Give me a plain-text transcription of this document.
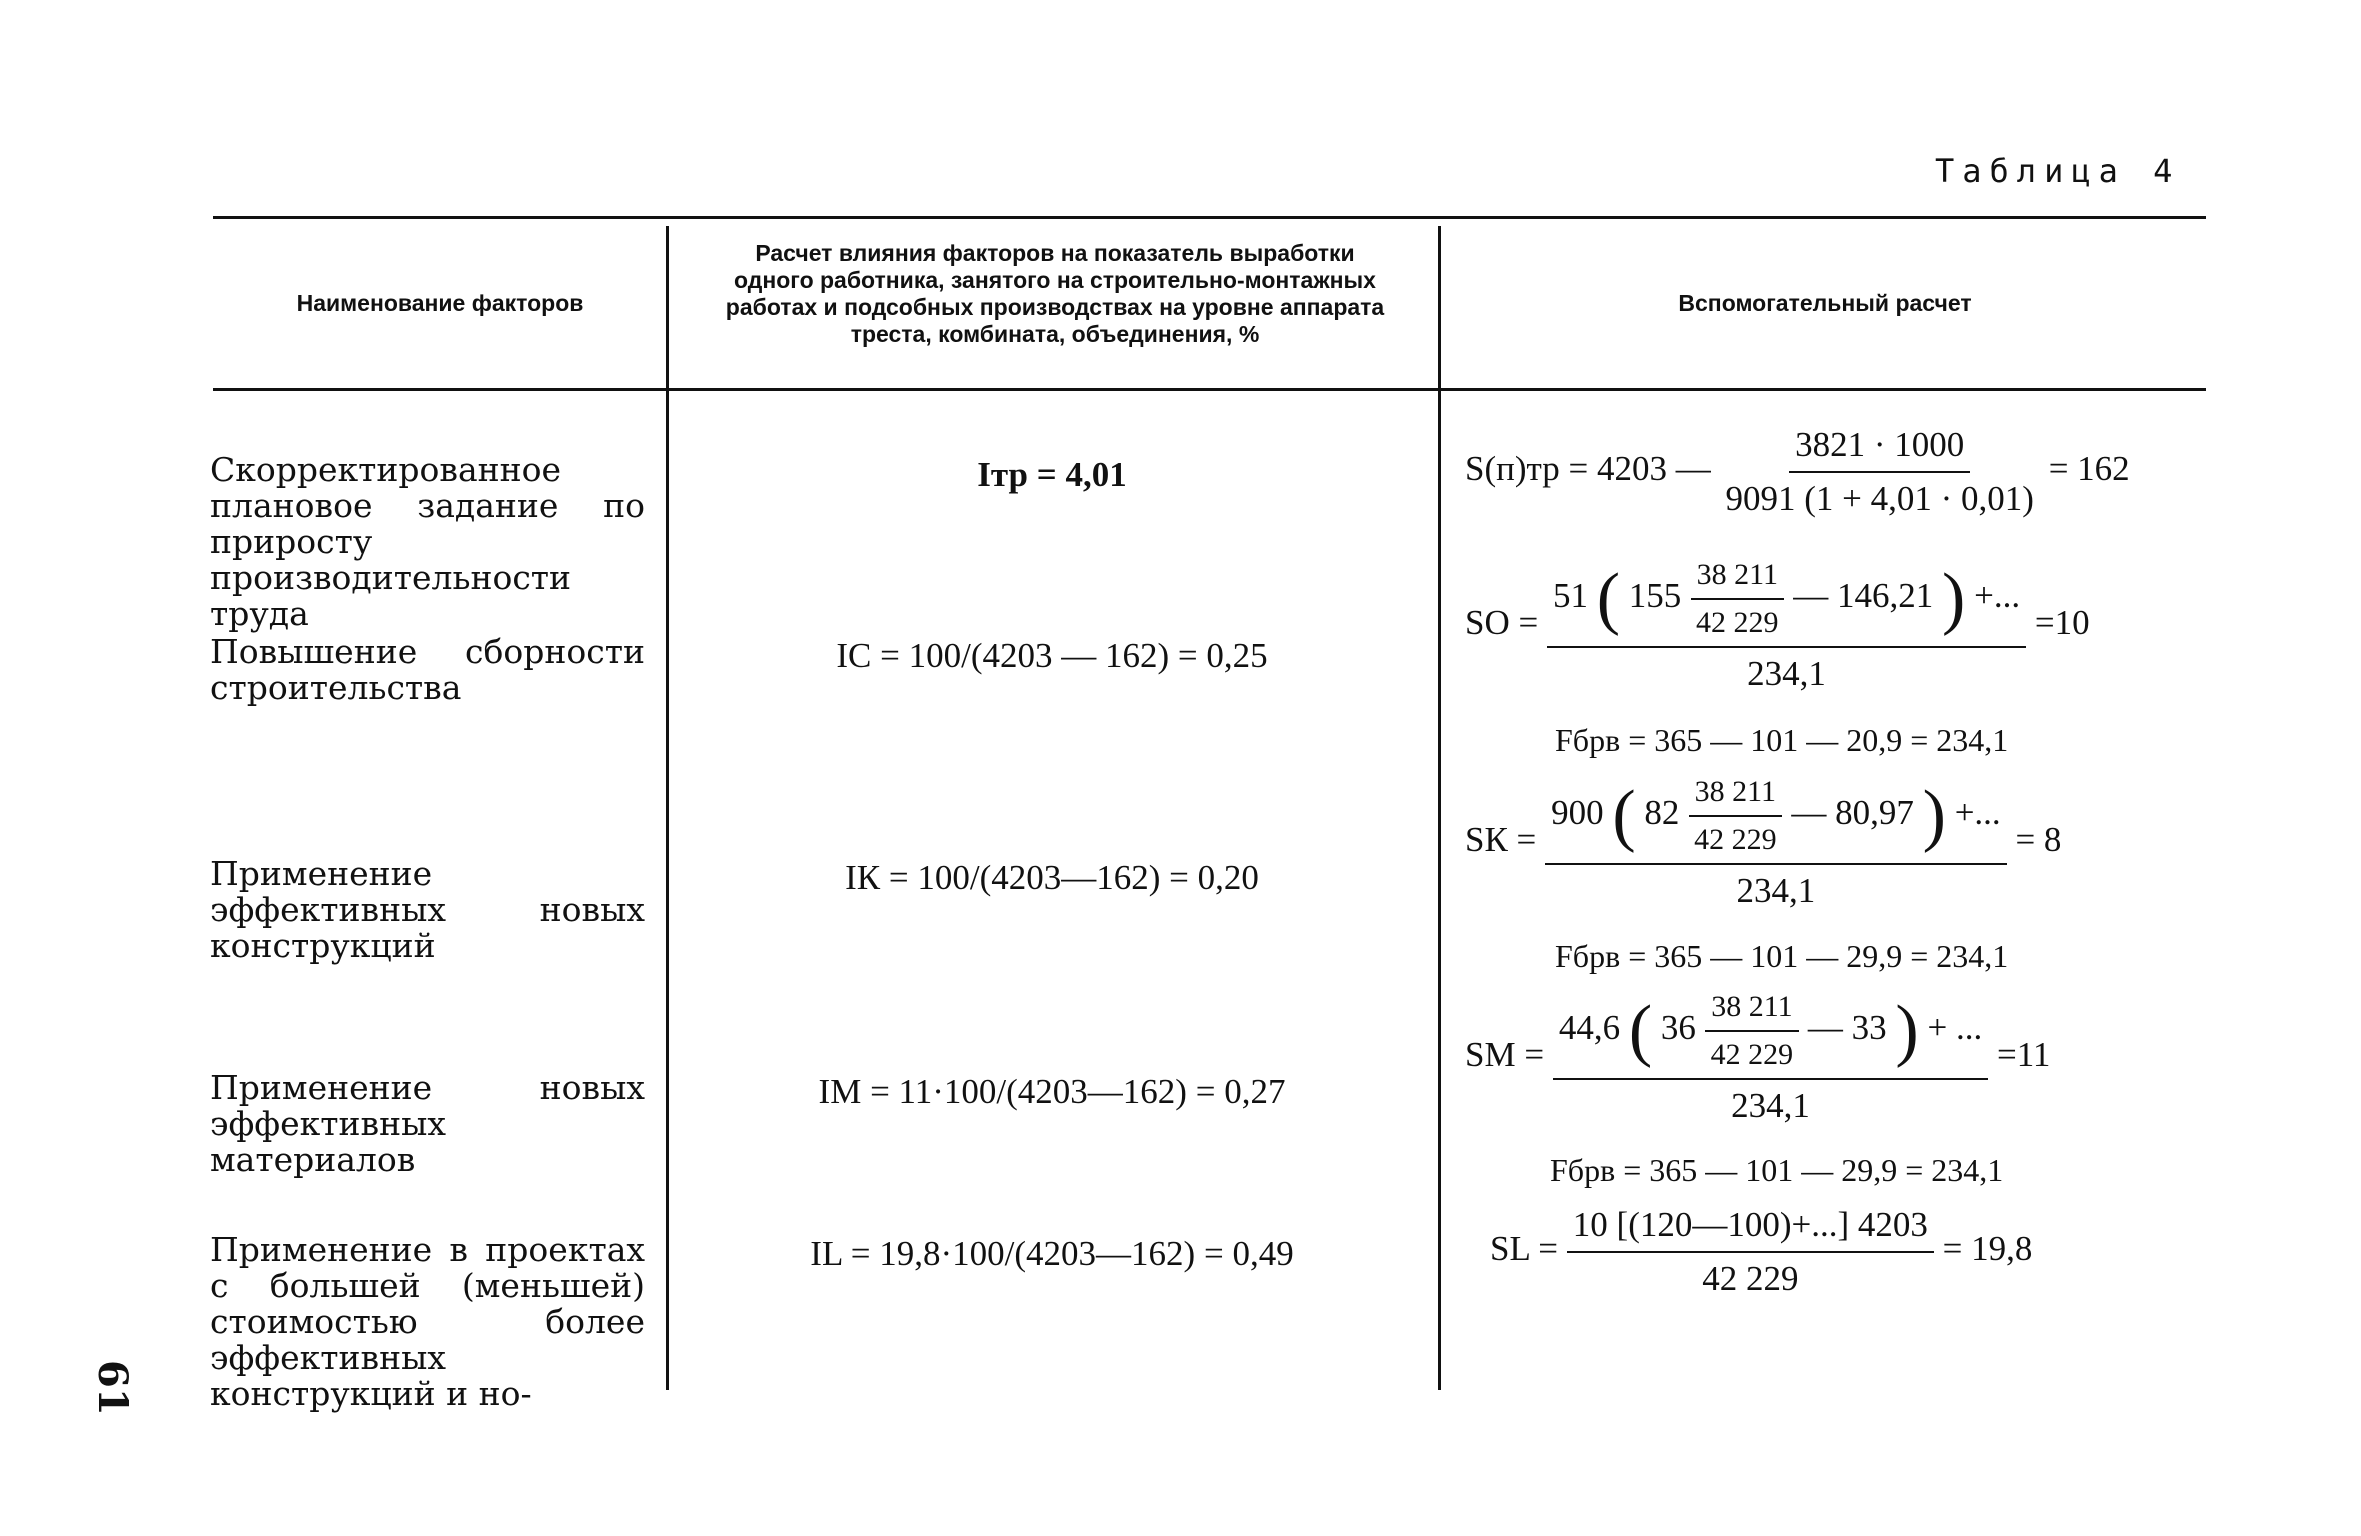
Таблица 4
Наименование факторов
Расчет влияния факторов на показатель выработки одного работника, занятого на строительно-монтажных работах и подсобных производствах на уровне аппарата треста, комбината, объединения, %
Вспомогательный расчет
Скорректированное плановое задание по приросту производительности труда
Iтр = 4,01	S(п)тр = 4203 — $\frac{3821 \cdot 1000}{9091 (1 + 4,01 \cdot 0,01)} = 162$
Повышение сборности строительства
IС = 100/(4203 — 162) = 0,25
SО =
51 ( $155 \frac{38 211}{42 229}$ — 146,21 ) +...
234,1
=10
Fбрв = 365 — 101 — 20,9 = 234,1
Применение эффективных новых конструкций
IК = 100/(4203—162) = 0,20
SК =
900 ( $82 \frac{38 211}{42 229}$ — 80,97 ) +...
234,1
= 8
Fбрв = 365 — 101 — 29,9 = 234,1
Применение новых эффективных материалов
IМ = 11·100/(4203—162) = 0,27
SМ =
44,6 ( $36 \frac{38 211}{42 229}$ — 33 ) + ...
234,1
=11
Fбрв = 365 — 101 — 29,9 = 234,1
Применение в проектах с большей (меньшей) стоимостью более эффективных конструкций и но-
IL = 19,8·100/(4203—162) = 0,49	SL = $\frac{10 [(120—100)+...] 4203}{42 229} = 19,8$
61
